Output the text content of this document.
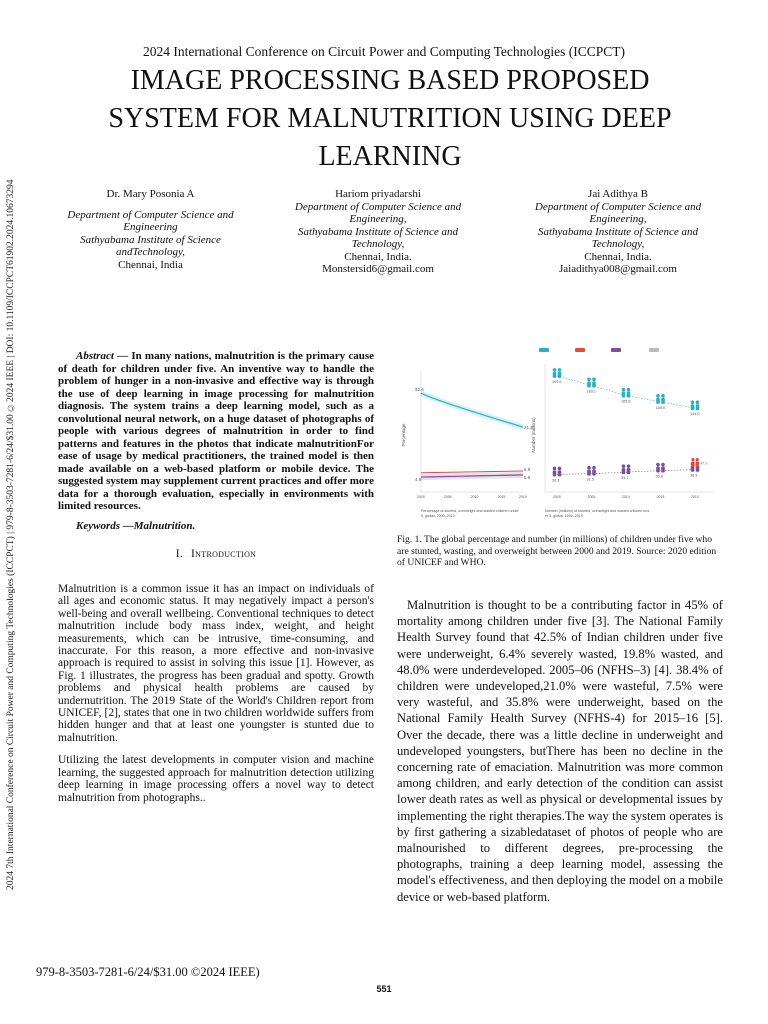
2024 7th International Conference on Circuit Power and Computing Technologies (ICCPCT) | 979-8-3503-7281-6/24/$31.00 ©2024 IEEE | DOI: 10.1109/ICCPCT61902.2024.10673294
2024 International Conference on Circuit Power and Computing Technologies (ICCPCT)
IMAGE PROCESSING BASED PROPOSED SYSTEM FOR MALNUTRITION USING DEEP LEARNING
Dr. Mary Posonia A
Department of Computer Science and Engineering
Sathyabama Institute of Science andTechnology,
Chennai, India
Hariom priyadarshi
Department of Computer Science and Engineering,
Sathyabama Institute of Science and Technology,
Chennai, India.
Monstersid6@gmail.com
Jai Adithya B
Department of Computer Science and Engineering,
Sathyabama Institute of Science and Technology,
Chennai, India.
Jaiadithya008@gmail.com
Abstract — In many nations, malnutrition is the primary cause of death for children under five. An inventive way to handle the problem of hunger in a non-invasive and effective way is through the use of deep learning in image processing for malnutrition diagnosis. The system trains a deep learning model, such as a convolutional neural network, on a huge dataset of photographs of people with various degrees of malnutrition in order to find patterns and features in the photos that indicate malnutritionFor ease of usage by medical practitioners, the trained model is then made available on a web-based platform or mobile device. The suggested system may supplement current practices and offer more data for a thorough evaluation, especially in environments with limited resources.
Keywords —Malnutrition.
I. Introduction

Malnutrition is a common issue it has an impact on individuals of all ages and economic status. It may negatively impact a person's well-being and overall wellbeing. Conventional techniques to detect malnutrition include body mass index, weight, and height measurements, which can be intrusive, time-consuming, and inaccurate. For this reason, a more effective and non-invasive approach is required to assist in solving this issue [1]. However, as Fig. 1 illustrates, the progress has been gradual and spotty. Growth problems and physical health problems are caused by undernutrition. The 2019 State of the World's Children report from UNICEF, [2], states that one in two children worldwide suffers from hidden hunger and that at least one youngster is stunted due to malnutrition.

Utilizing the latest developments in computer vision and machine learning, the suggested approach for malnutrition detection utilizing deep learning in image processing offers a novel way to detect malnutrition from photographs..

Percentage
32.4
21.3
6.9
5.6
4.9
2000	2005	2010	2015	2019
Percentage of stunted, overweight and wasted children under
5, global, 2000–2019
Number (millions)
199.5
183.1
165.8
155.0
144.0
30.3	31.5	34.1	36.9	38.3
47.0
2000	2005	2010	2015	2019
Number (millions) of stunted, overweight and wasted children und
er 5, global, 2000–2019
Fig. 1. The global percentage and number (in millions) of children under five who are stunted, wasting, and overweight between 2000 and 2019. Source: 2020 edition of UNICEF and WHO.

Malnutrition is thought to be a contributing factor in 45% of mortality among children under five [3]. The National Family Health Survey found that 42.5% of Indian children under five were underweight, 6.4% severely wasted, 19.8% wasted, and 48.0% were underdeveloped. 2005–06 (NFHS–3) [4]. 38.4% of children were undeveloped,21.0% were wasteful, 7.5% were very wasteful, and 35.8% were underweight, based on the National Family Health Survey (NFHS-4) for 2015–16 [5]. Over the decade, there was a little decline in underweight and undeveloped youngsters, butThere has been no decline in the concerning rate of emaciation. Malnutrition was more common among children, and early detection of the condition can assist lower death rates as well as physical or developmental issues by implementing the right therapies.The way the system operates is by first gathering a sizabledataset of photos of people who are malnourished to different degrees, pre-processing the photographs, training a deep learning model, assessing the model's effectiveness, and then deploying the model on a mobile device or web-based platform.

979-8-3503-7281-6/24/$31.00 ©2024 IEEE)
551
